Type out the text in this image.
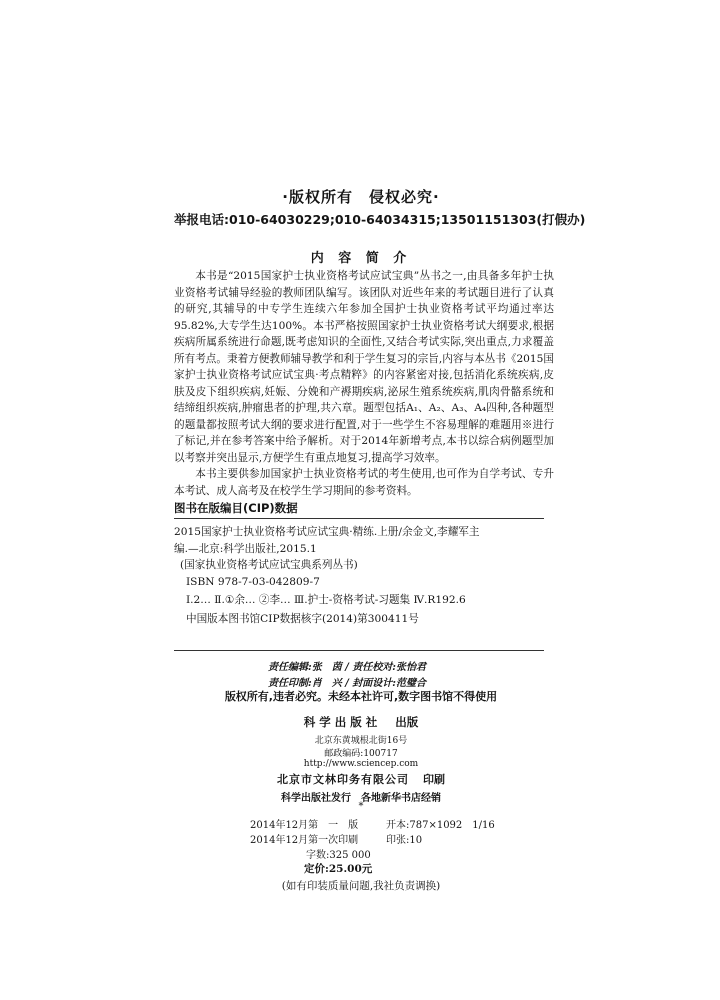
·版权所有　侵权必究·
举报电话:010-64030229;010-64034315;13501151303(打假办)
内 容 简 介

本书是“2015国家护士执业资格考试应试宝典”丛书之一,由具备多年护士执业资格考试辅导经验的教师团队编写。该团队对近些年来的考试题目进行了认真的研究,其辅导的中专学生连续六年参加全国护士执业资格考试平均通过率达95.82%,大专学生达100%。本书严格按照国家护士执业资格考试大纲要求,根据疾病所属系统进行命题,既考虑知识的全面性,又结合考试实际,突出重点,力求覆盖所有考点。秉着方便教师辅导教学和利于学生复习的宗旨,内容与本丛书《2015国家护士执业资格考试应试宝典·考点精粹》的内容紧密对接,包括消化系统疾病,皮肤及皮下组织疾病,妊娠、分娩和产褥期疾病,泌尿生殖系统疾病,肌肉骨骼系统和结缔组织疾病,肿瘤患者的护理,共六章。题型包括A₁、A₂、A₃、A₄四种,各种题型的题量都按照考试大纲的要求进行配置,对于一些学生不容易理解的难题用※进行了标记,并在参考答案中给予解析。对于2014年新增考点,本书以综合病例题型加以考察并突出显示,方便学生有重点地复习,提高学习效率。

本书主要供参加国家护士执业资格考试的考生使用,也可作为自学考试、专升本考试、成人高考及在校学生学习期间的参考资料。

图书在版编目(CIP)数据
2015国家护士执业资格考试应试宝典·精练.上册/余金文,李耀军主
编.—北京:科学出版社,2015.1
(国家执业资格考试应试宝典系列丛书)
ISBN 978-7-03-042809-7
Ⅰ.2… Ⅱ.①余… ②李… Ⅲ.护士-资格考试-习题集 Ⅳ.R192.6
中国版本图书馆CIP数据核字(2014)第300411号
责任编辑:张　茵 / 责任校对:张怡君
责任印制:肖　兴 / 封面设计:范璧合
版权所有,违者必究。未经本社许可,数字图书馆不得使用
科学出版社 出版
北京东黄城根北街16号
邮政编码:100717
http://www.sciencep.com
北京市文林印务有限公司 印刷
科学出版社发行　各地新华书店经销
*
2014年12月第　一　版	开本:787×1092　1/16
2014年12月第一次印刷	印张:10
字数:325 000
定价:25.00元
(如有印装质量问题,我社负责调换)
